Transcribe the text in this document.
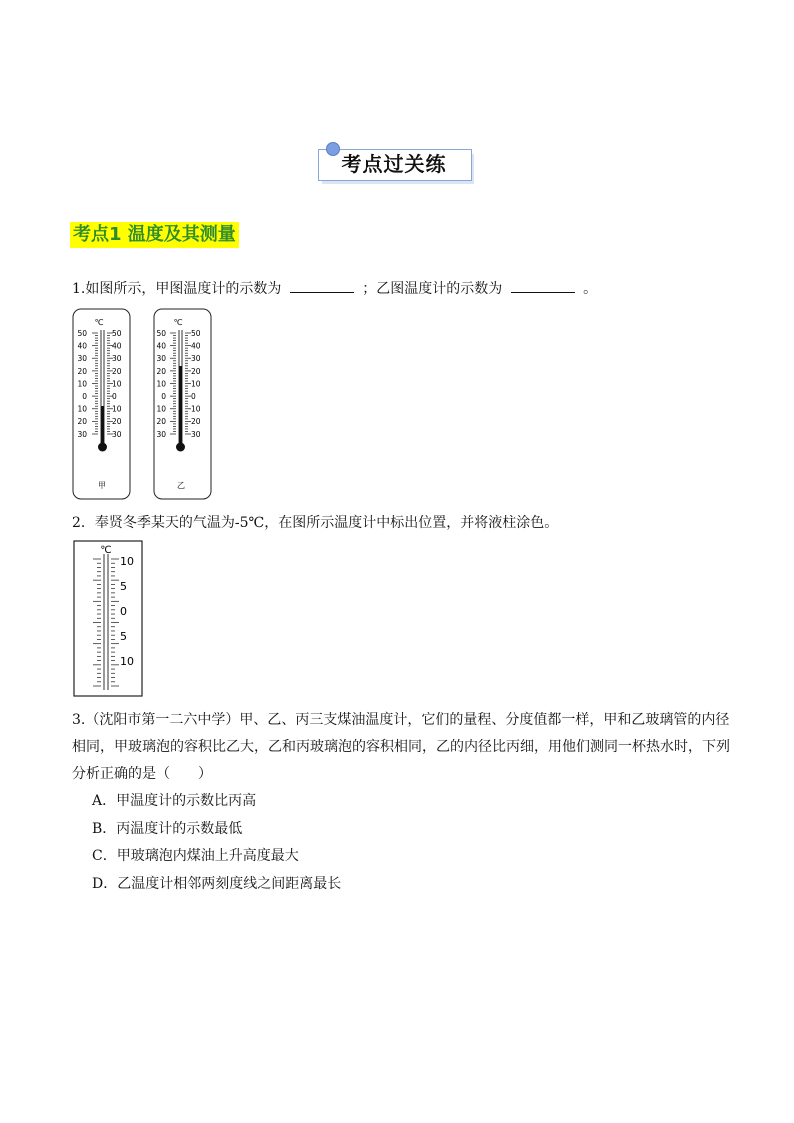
考点过关练
考点1 温度及其测量
1.如图所示，甲图温度计的示数为	；乙图温度计的示数为	。
℃
50
40
30
20
10
0
10
20
30
50
40
30
20
10
0
10
20
30
甲
℃
50
40
30
20
10
0
10
20
30
50
40
30
20
10
0
10
20
30
乙
2．奉贤冬季某天的气温为-5℃，在图所示温度计中标出位置，并将液柱涂色。
℃
10
5
0
5
10
3.（沈阳市第一二六中学）甲、乙、丙三支煤油温度计，它们的量程、分度值都一样，甲和乙玻璃管的内径相同，甲玻璃泡的容积比乙大，乙和丙玻璃泡的容积相同，乙的内径比丙细，用他们测同一杯热水时，下列分析正确的是（　　）
A．甲温度计的示数比丙高
B．丙温度计的示数最低
C．甲玻璃泡内煤油上升高度最大
D．乙温度计相邻两刻度线之间距离最长
